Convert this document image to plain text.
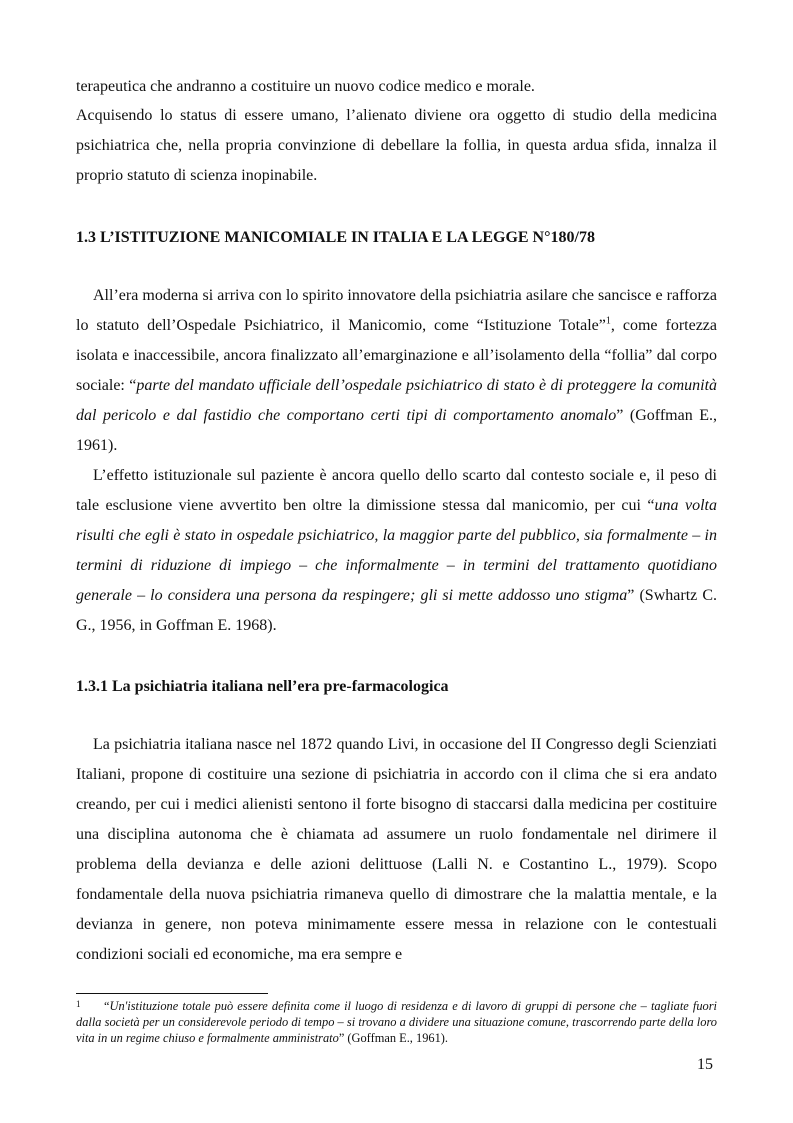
terapeutica che andranno a costituire un nuovo codice medico e morale.

Acquisendo lo status di essere umano, l’alienato diviene ora oggetto di studio della medicina psichiatrica che, nella propria convinzione di debellare la follia, in questa ardua sfida, innalza il proprio statuto di scienza inopinabile.

1.3 L’ISTITUZIONE MANICOMIALE IN ITALIA E LA LEGGE N°180/78

All’era moderna si arriva con lo spirito innovatore della psichiatria asilare che sancisce e rafforza lo statuto dell’Ospedale Psichiatrico, il Manicomio, come “Istituzione Totale”$^1$, come fortezza isolata e inaccessibile, ancora finalizzato all’emarginazione e all’isolamento della “follia” dal corpo sociale: “parte del mandato ufficiale dell’ospedale psichiatrico di stato è di proteggere la comunità dal pericolo e dal fastidio che comportano certi tipi di comportamento anomalo” (Goffman E., 1961).

L’effetto istituzionale sul paziente è ancora quello dello scarto dal contesto sociale e, il peso di tale esclusione viene avvertito ben oltre la dimissione stessa dal manicomio, per cui “una volta risulti che egli è stato in ospedale psichiatrico, la maggior parte del pubblico, sia formalmente – in termini di riduzione di impiego – che informalmente – in termini del trattamento quotidiano generale – lo considera una persona da respingere; gli si mette addosso uno stigma” (Swhartz C. G., 1956, in Goffman E. 1968).

1.3.1 La psichiatria italiana nell’era pre-farmacologica

La psichiatria italiana nasce nel 1872 quando Livi, in occasione del II Congresso degli Scienziati Italiani, propone di costituire una sezione di psichiatria in accordo con il clima che si era andato creando, per cui i medici alienisti sentono il forte bisogno di staccarsi dalla medicina per costituire una disciplina autonoma che è chiamata ad assumere un ruolo fondamentale nel dirimere il problema della devianza e delle azioni delittuose (Lalli N. e Costantino L., 1979). Scopo fondamentale della nuova psichiatria rimaneva quello di dimostrare che la malattia mentale, e la devianza in genere, non poteva minimamente essere messa in relazione con le contestuali condizioni sociali ed economiche, ma era sempre e

1	“Un'istituzione totale può essere definita come il luogo di residenza e di lavoro di gruppi di persone che – tagliate fuori dalla società per un considerevole periodo di tempo – si trovano a dividere una situazione comune, trascorrendo parte della loro vita in un regime chiuso e formalmente amministrato” (Goffman E., 1961).

15
